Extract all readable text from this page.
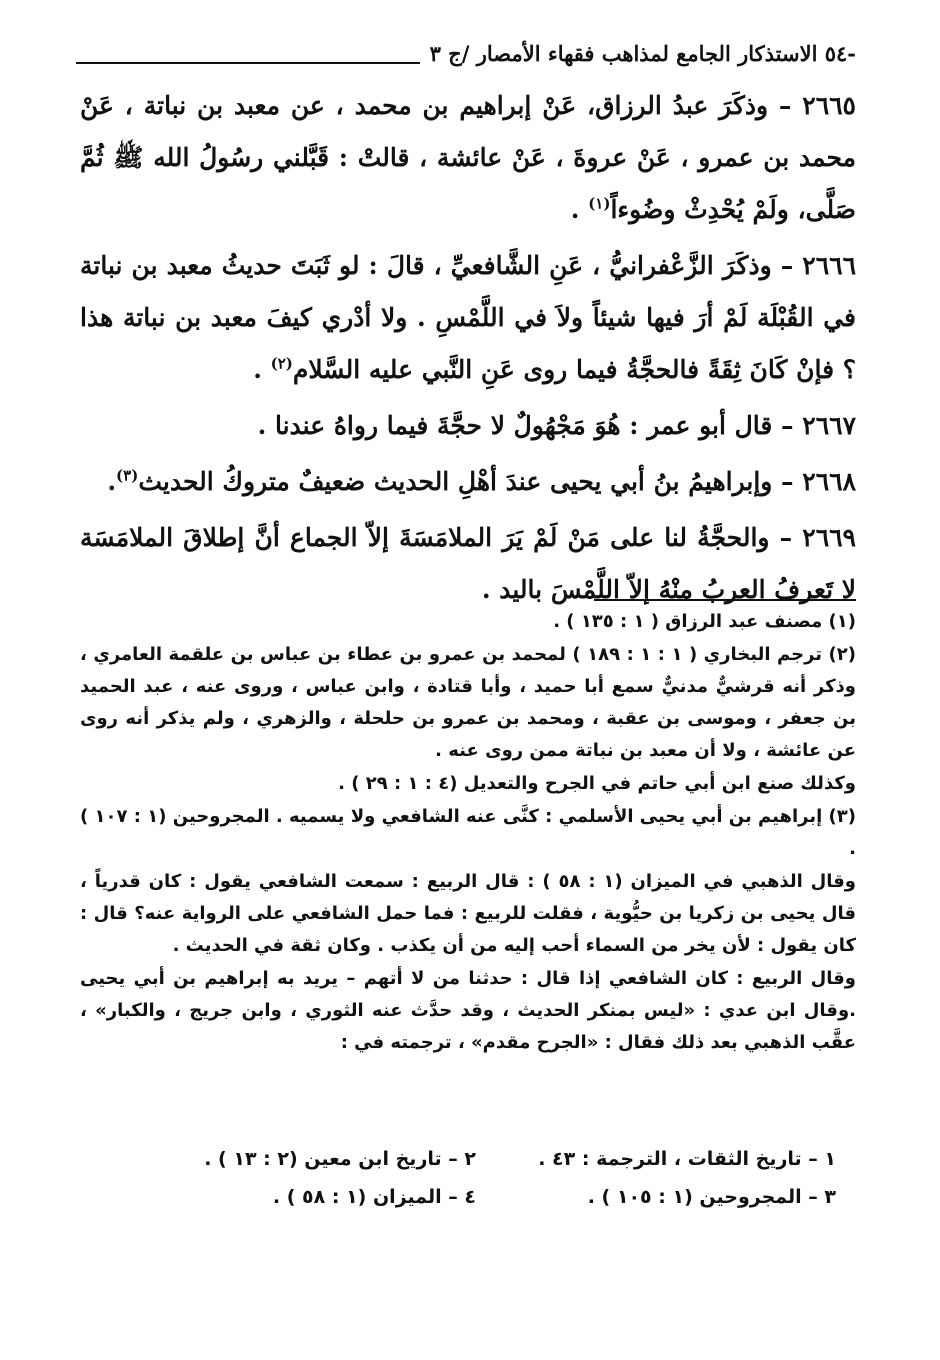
-٥٤ الاستذكار الجامع لمذاهب فقهاء الأمصار /ج ٣

٢٦٦٥ – وذكَرَ عبدُ الرزاق، عَنْ إبراهيم بن محمد ، عن معبد بن نباتة ، عَنْ محمد بن عمرو ، عَنْ عروةَ ، عَنْ عائشة ، قالتْ : قَبَّلني رسُولُ الله ﷺ ثُمَّ صَلَّى، ولَمْ يُحْدِثْ وضُوءاً$^{(١)}$ .

٢٦٦٦ – وذكَرَ الزَّعْفرانيُّ ، عَنِ الشَّافعيِّ ، قالَ : لو ثَبَتَ حديثُ معبد بن نباتة في القُبْلَة لَمْ أرَ فيها شيئاً ولاَ في اللَّمْسِ . ولا أدْري كيفَ معبد بن نباتة هذا ؟ فإنْ كَانَ ثِقَةً فالحجَّةُ فيما روى عَنِ النَّبي عليه السَّلام$^{(٢)}$ .

٢٦٦٧ – قال أبو عمر : هُوَ مَجْهُولٌ لا حجَّةَ فيما رواهُ عندنا .

٢٦٦٨ – وإبراهيمُ بنُ أبي يحيى عندَ أهْلِ الحديث ضعيفٌ متروكُ الحديث$^{(٣)}$.

٢٦٦٩ – والحجَّةُ لنا على مَنْ لَمْ يَرَ الملامَسَةَ إلاّ الجماع أنَّ إطلاقَ الملامَسَة لا تَعرفُ العربُ منْهُ إلاّ اللَّمْسَ باليد .

(١) مصنف عبد الرزاق ( ١ : ١٣٥ ) .

(٢) ترجم البخاري ( ١ : ١ : ١٨٩ ) لمحمد بن عمرو بن عطاء بن عباس بن علقمة العامري ، وذكر أنه قرشيٌّ مدنيٌّ سمع أبا حميد ، وأبا قتادة ، وابن عباس ، وروى عنه ، عبد الحميد بن جعفر ، وموسى بن عقبة ، ومحمد بن عمرو بن حلحلة ، والزهري ، ولم يذكر أنه روى عن عائشة ، ولا أن معبد بن نباتة ممن روى عنه .

وكذلك صنع ابن أبي حاتم في الجرح والتعديل (٤ : ١ : ٢٩ ) .

(٣) إبراهيم بن أبي يحيى الأسلمي : كنَّى عنه الشافعي ولا يسميه . المجروحين (١ : ١٠٧ ) .

وقال الذهبي في الميزان (١ : ٥٨ ) : قال الربيع : سمعت الشافعي يقول : كان قدرياً ، قال يحيى بن زكريا بن حيُّوية ، فقلت للربيع : فما حمل الشافعي على الرواية عنه؟ قال : كان يقول : لأن يخر من السماء أحب إليه من أن يكذب . وكان ثقة في الحديث .

وقال الربيع : كان الشافعي إذا قال : حدثنا من لا أتهم – يريد به إبراهيم بن أبي يحيى .وقال ابن عدي : «ليس بمنكر الحديث ، وقد حدَّث عنه الثوري ، وابن جريج ، والكبار» ، عقَّب الذهبي بعد ذلك فقال : «الجرح مقدم» ، ترجمته في :

١ – تاريخ الثقات ، الترجمة : ٤٣ .
٢ – تاريخ ابن معين (٢ : ١٣ ) .
٣ – المجروحين (١ : ١٠٥ ) .
٤ – الميزان (١ : ٥٨ ) .
